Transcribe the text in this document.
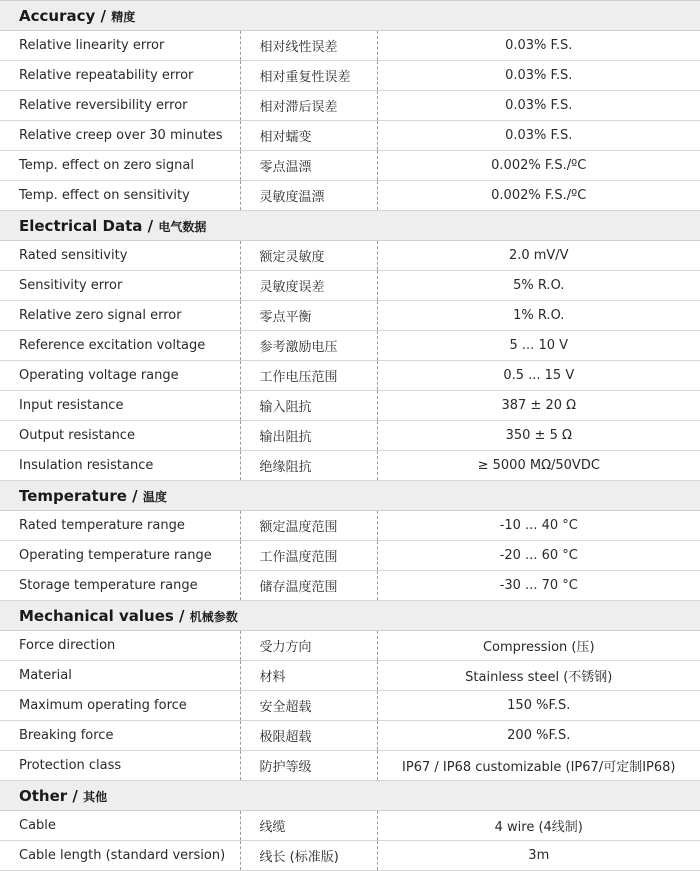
Accuracy / 精度		
Relative linearity error	相对线性误差	0.03% F.S.
Relative repeatability error	相对重复性误差	0.03% F.S.
Relative reversibility error	相对滞后误差	0.03% F.S.
Relative creep over 30 minutes	相对蠕变	0.03% F.S.
Temp. effect on zero signal	零点温漂	0.002% F.S./ºC
Temp. effect on sensitivity	灵敏度温漂	0.002% F.S./ºC
Electrical Data / 电气数据		
Rated sensitivity	额定灵敏度	2.0 mV/V
Sensitivity error	灵敏度误差	5% R.O.
Relative zero signal error	零点平衡	1% R.O.
Reference excitation voltage	参考激励电压	5 ... 10 V
Operating voltage range	工作电压范围	0.5 ... 15 V
Input resistance	输入阻抗	387 ± 20 Ω
Output resistance	输出阻抗	350 ± 5 Ω
Insulation resistance	绝缘阻抗	≥ 5000 MΩ/50VDC
Temperature / 温度		
Rated temperature range	额定温度范围	-10 ... 40 °C
Operating temperature range	工作温度范围	-20 ... 60 °C
Storage temperature range	储存温度范围	-30 ... 70 °C
Mechanical values / 机械参数		
Force direction	受力方向	Compression (压)
Material	材料	Stainless steel (不锈钢)
Maximum operating force	安全超载	150 %F.S.
Breaking force	极限超载	200 %F.S.
Protection class	防护等级	IP67 / IP68 customizable (IP67/可定制IP68)
Other / 其他		
Cable	线缆	4 wire (4线制)
Cable length (standard version)	线长 (标准版)	3m
